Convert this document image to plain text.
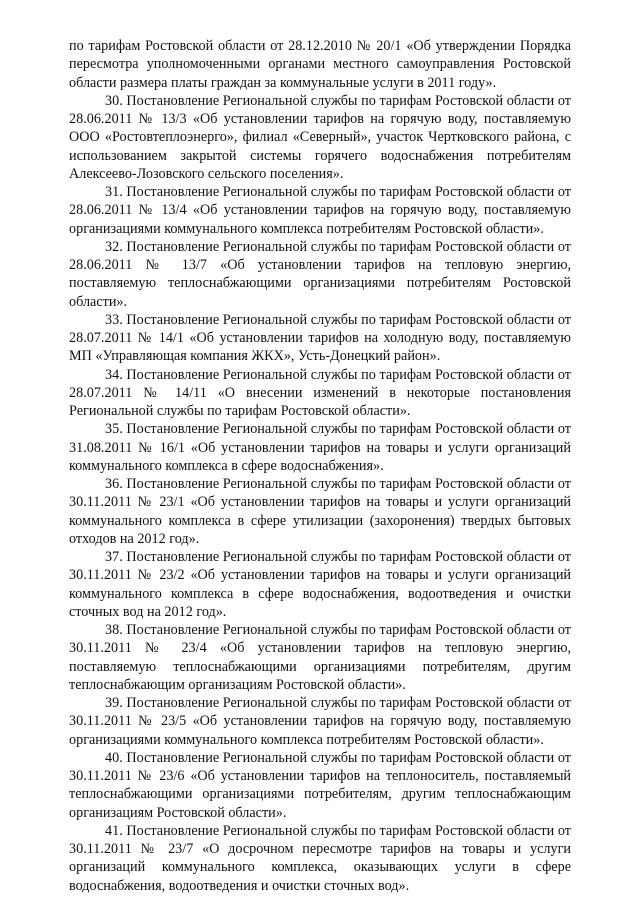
по тарифам Ростовской области от 28.12.2010 № 20/1 «Об утверждении Порядка пересмотра уполномоченными органами местного самоуправления Ростовской области размера платы граждан за коммунальные услуги в 2011 году».

30. Постановление Региональной службы по тарифам Ростовской области от 28.06.2011 № 13/3 «Об установлении тарифов на горячую воду, поставляемую ООО «Ростовтеплоэнерго», филиал «Северный», участок Чертковского района, с использованием закрытой системы горячего водоснабжения потребителям Алексеево-Лозовского сельского поселения».

31. Постановление Региональной службы по тарифам Ростовской области от 28.06.2011 № 13/4 «Об установлении тарифов на горячую воду, поставляемую организациями коммунального комплекса потребителям Ростовской области».

32. Постановление Региональной службы по тарифам Ростовской области от 28.06.2011 № 13/7 «Об установлении тарифов на тепловую энергию, поставляемую теплоснабжающими организациями потребителям Ростовской области».

33. Постановление Региональной службы по тарифам Ростовской области от 28.07.2011 № 14/1 «Об установлении тарифов на холодную воду, поставляемую МП «Управляющая компания ЖКХ», Усть-Донецкий район».

34. Постановление Региональной службы по тарифам Ростовской области от 28.07.2011 № 14/11 «О внесении изменений в некоторые постановления Региональной службы по тарифам Ростовской области».

35. Постановление Региональной службы по тарифам Ростовской области от 31.08.2011 № 16/1 «Об установлении тарифов на товары и услуги организаций коммунального комплекса в сфере водоснабжения».

36. Постановление Региональной службы по тарифам Ростовской области от 30.11.2011 № 23/1 «Об установлении тарифов на товары и услуги организаций коммунального комплекса в сфере утилизации (захоронения) твердых бытовых отходов на 2012 год».

37. Постановление Региональной службы по тарифам Ростовской области от 30.11.2011 № 23/2 «Об установлении тарифов на товары и услуги организаций коммунального комплекса в сфере водоснабжения, водоотведения и очистки сточных вод на 2012 год».

38. Постановление Региональной службы по тарифам Ростовской области от 30.11.2011 № 23/4 «Об установлении тарифов на тепловую энергию, поставляемую теплоснабжающими организациями потребителям, другим теплоснабжающим организациям Ростовской области».

39. Постановление Региональной службы по тарифам Ростовской области от 30.11.2011 № 23/5 «Об установлении тарифов на горячую воду, поставляемую организациями коммунального комплекса потребителям Ростовской области».

40. Постановление Региональной службы по тарифам Ростовской области от 30.11.2011 № 23/6 «Об установлении тарифов на теплоноситель, поставляемый теплоснабжающими организациями потребителям, другим теплоснабжающим организациям Ростовской области».

41. Постановление Региональной службы по тарифам Ростовской области от 30.11.2011 № 23/7 «О досрочном пересмотре тарифов на товары и услуги организаций коммунального комплекса, оказывающих услуги в сфере водоснабжения, водоотведения и очистки сточных вод».
